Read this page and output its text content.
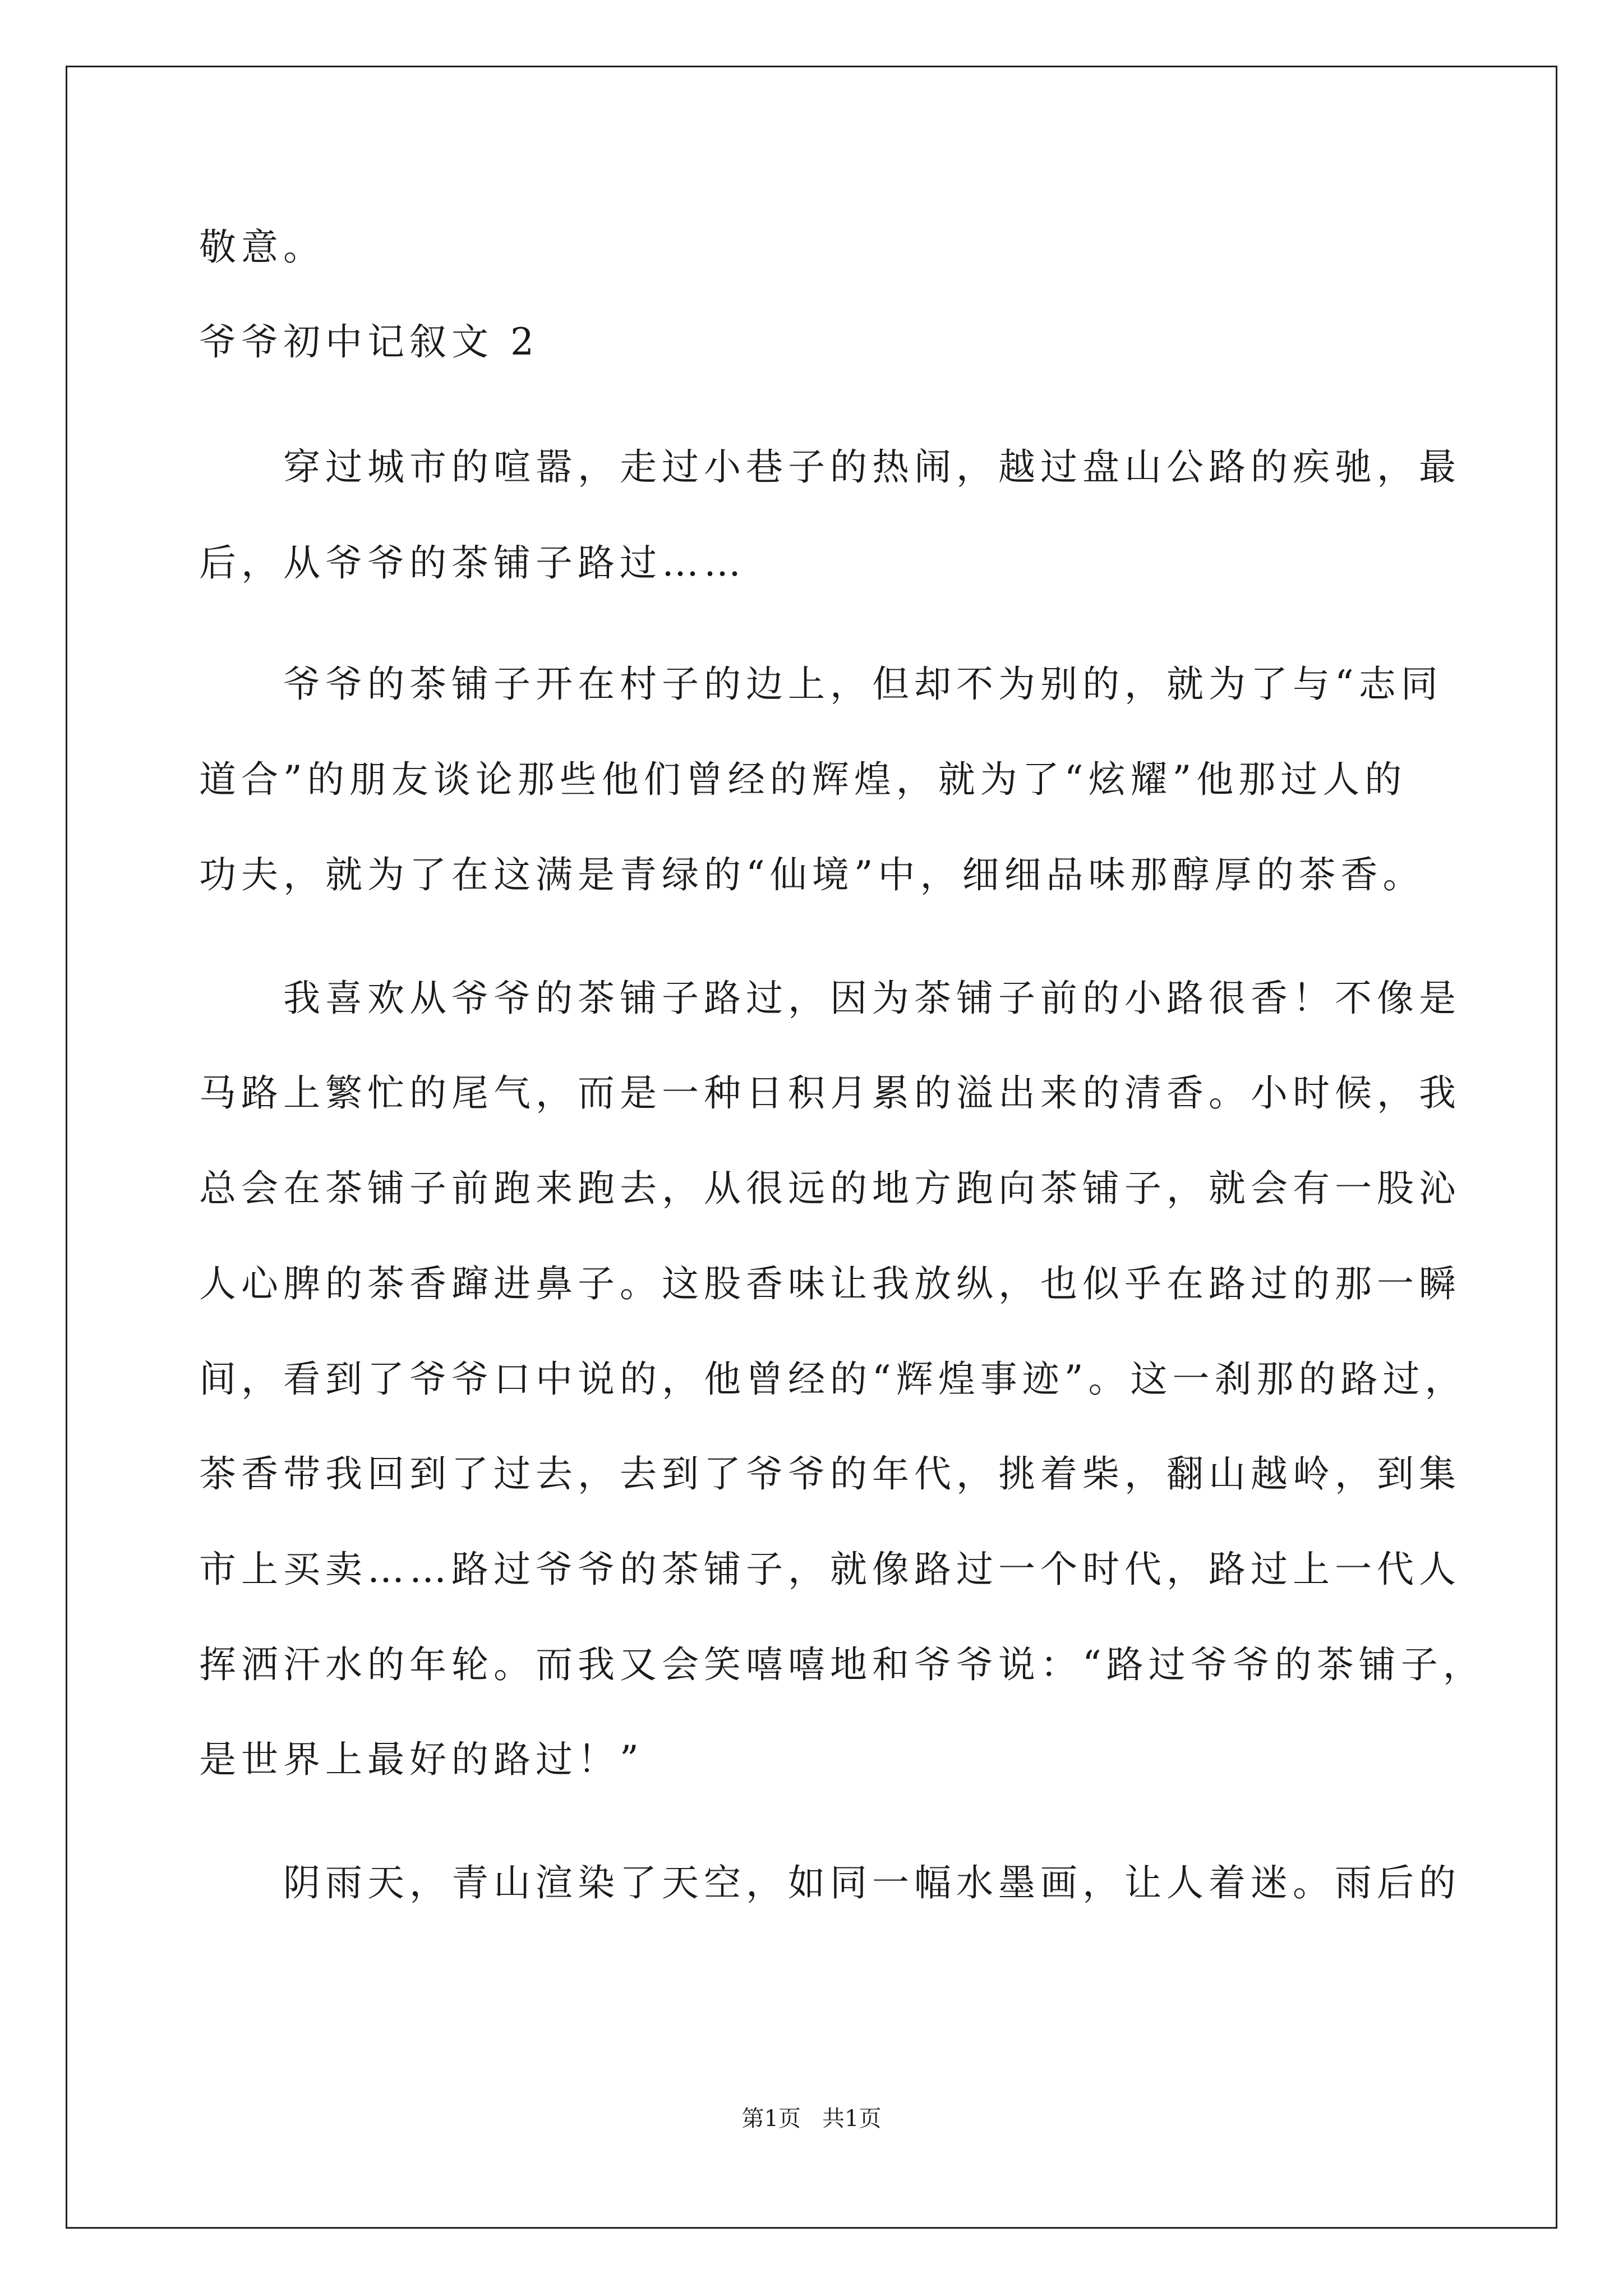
敬意。
爷爷初中记叙文 2
穿过城市的喧嚣，走过小巷子的热闹，越过盘山公路的疾驰，最
后，从爷爷的茶铺子路过……
爷爷的茶铺子开在村子的边上，但却不为别的，就为了与“志同
道合”的朋友谈论那些他们曾经的辉煌，就为了“炫耀”他那过人的
功夫，就为了在这满是青绿的“仙境”中，细细品味那醇厚的茶香。
我喜欢从爷爷的茶铺子路过，因为茶铺子前的小路很香！不像是
马路上繁忙的尾气，而是一种日积月累的溢出来的清香。小时候，我
总会在茶铺子前跑来跑去，从很远的地方跑向茶铺子，就会有一股沁
人心脾的茶香蹿进鼻子。这股香味让我放纵，也似乎在路过的那一瞬
间，看到了爷爷口中说的，他曾经的“辉煌事迹”。这一刹那的路过，
茶香带我回到了过去，去到了爷爷的年代，挑着柴，翻山越岭，到集
市上买卖……路过爷爷的茶铺子，就像路过一个时代，路过上一代人
挥洒汗水的年轮。而我又会笑嘻嘻地和爷爷说：“路过爷爷的茶铺子，
是世界上最好的路过！”
阴雨天，青山渲染了天空，如同一幅水墨画，让人着迷。雨后的
第1页   共1页
